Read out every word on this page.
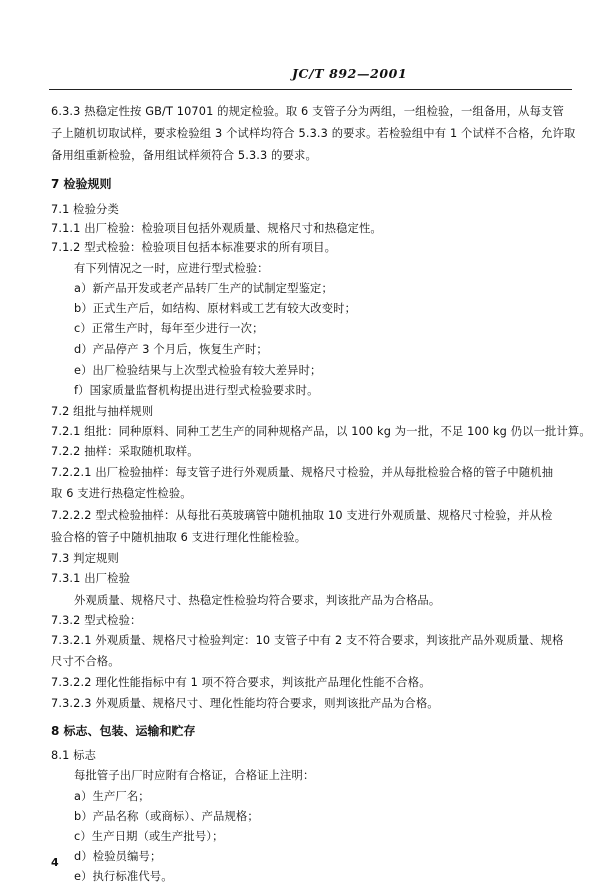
JC/T 892—2001
6.3.3 热稳定性按 GB/T 10701 的规定检验。取 6 支管子分为两组，一组检验，一组备用，从每支管
子上随机切取试样，要求检验组 3 个试样均符合 5.3.3 的要求。若检验组中有 1 个试样不合格，允许取
备用组重新检验，备用组试样须符合 5.3.3 的要求。
7 检验规则
7.1 检验分类
7.1.1 出厂检验：检验项目包括外观质量、规格尺寸和热稳定性。
7.1.2 型式检验：检验项目包括本标准要求的所有项目。
有下列情况之一时，应进行型式检验：
a）新产品开发或老产品转厂生产的试制定型鉴定；
b）正式生产后，如结构、原材料或工艺有较大改变时；
c）正常生产时，每年至少进行一次；
d）产品停产 3 个月后，恢复生产时；
e）出厂检验结果与上次型式检验有较大差异时；
f）国家质量监督机构提出进行型式检验要求时。
7.2 组批与抽样规则
7.2.1 组批：同种原料、同种工艺生产的同种规格产品，以 100 kg 为一批，不足 100 kg 仍以一批计算。
7.2.2 抽样：采取随机取样。
7.2.2.1 出厂检验抽样：每支管子进行外观质量、规格尺寸检验，并从每批检验合格的管子中随机抽
取 6 支进行热稳定性检验。
7.2.2.2 型式检验抽样：从每批石英玻璃管中随机抽取 10 支进行外观质量、规格尺寸检验，并从检
验合格的管子中随机抽取 6 支进行理化性能检验。
7.3 判定规则
7.3.1 出厂检验
外观质量、规格尺寸、热稳定性检验均符合要求，判该批产品为合格品。
7.3.2 型式检验：
7.3.2.1 外观质量、规格尺寸检验判定：10 支管子中有 2 支不符合要求，判该批产品外观质量、规格
尺寸不合格。
7.3.2.2 理化性能指标中有 1 项不符合要求，判该批产品理化性能不合格。
7.3.2.3 外观质量、规格尺寸、理化性能均符合要求，则判该批产品为合格。
8 标志、包装、运输和贮存
8.1 标志
每批管子出厂时应附有合格证，合格证上注明：
a）生产厂名；
b）产品名称（或商标）、产品规格；
c）生产日期（或生产批号）；
d）检验员编号；
e）执行标准代号。
4
